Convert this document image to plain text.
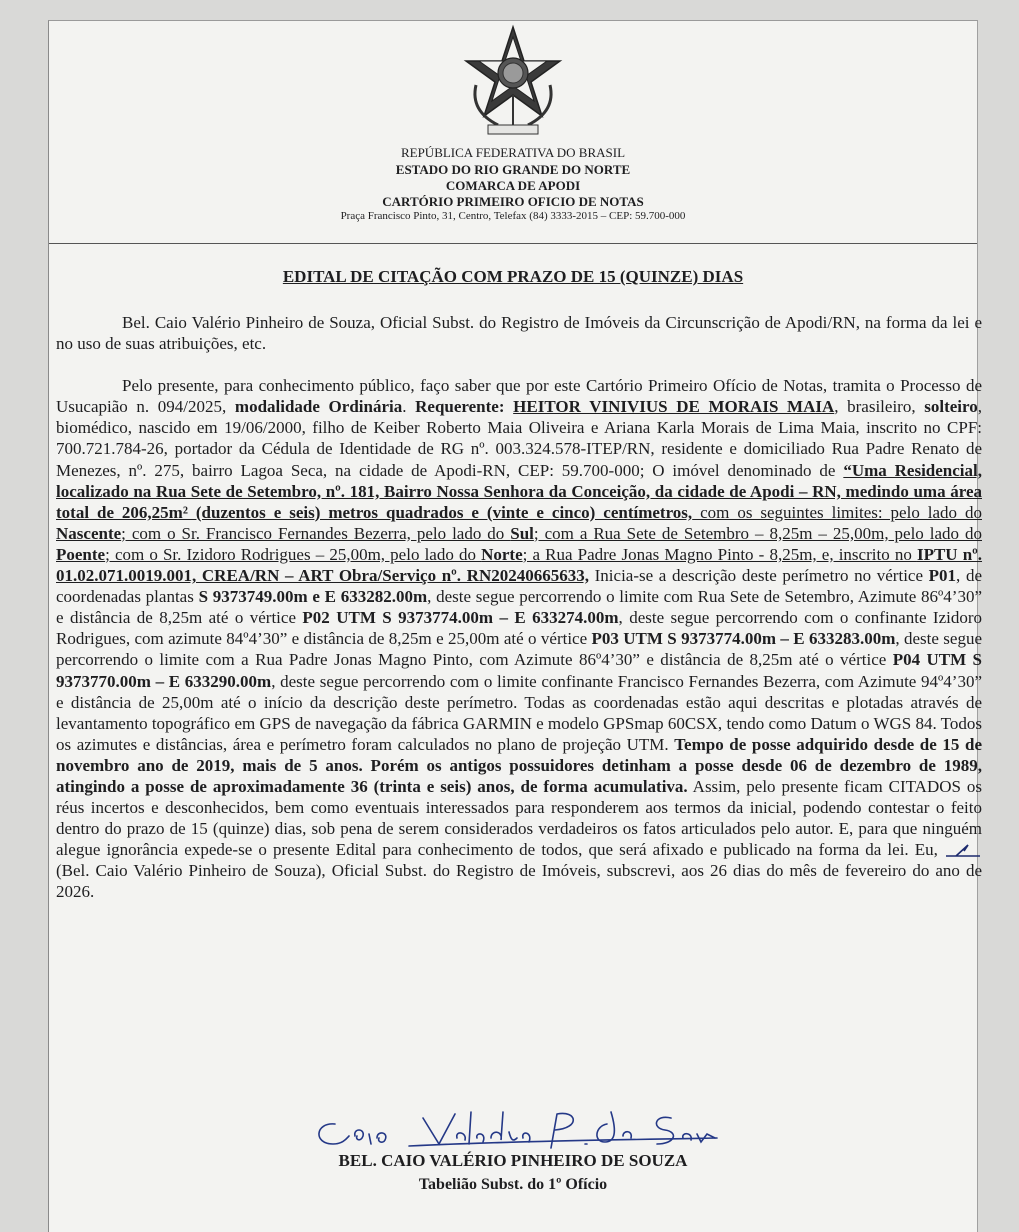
REPÚBLICA FEDERATIVA DO BRASIL
ESTADO DO RIO GRANDE DO NORTE
COMARCA DE APODI
CARTÓRIO PRIMEIRO OFICIO DE NOTAS
Praça Francisco Pinto, 31, Centro, Telefax (84) 3333-2015 – CEP: 59.700-000
EDITAL DE CITAÇÃO COM PRAZO DE 15 (QUINZE) DIAS

Bel. Caio Valério Pinheiro de Souza, Oficial Subst. do Registro de Imóveis da Circunscrição de Apodi/RN, na forma da lei e no uso de suas atribuições, etc.

Pelo presente, para conhecimento público, faço saber que por este Cartório Primeiro Ofício de Notas, tramita o Processo de Usucapião n. 094/2025, modalidade Ordinária. Requerente: HEITOR VINIVIUS DE MORAIS MAIA, brasileiro, solteiro, biomédico, nascido em 19/06/2000, filho de Keiber Roberto Maia Oliveira e Ariana Karla Morais de Lima Maia, inscrito no CPF: 700.721.784-26, portador da Cédula de Identidade de RG nº. 003.324.578-ITEP/RN, residente e domiciliado Rua Padre Renato de Menezes, nº. 275, bairro Lagoa Seca, na cidade de Apodi-RN, CEP: 59.700-000; O imóvel denominado de “Uma Residencial, localizado na Rua Sete de Setembro, nº. 181, Bairro Nossa Senhora da Conceição, da cidade de Apodi – RN, medindo uma área total de 206,25m² (duzentos e seis) metros quadrados e (vinte e cinco) centímetros, com os seguintes limites: pelo lado do Nascente; com o Sr. Francisco Fernandes Bezerra, pelo lado do Sul; com a Rua Sete de Setembro – 8,25m – 25,00m, pelo lado do Poente; com o Sr. Izidoro Rodrigues – 25,00m, pelo lado do Norte; a Rua Padre Jonas Magno Pinto - 8,25m, e, inscrito no IPTU nº. 01.02.071.0019.001, CREA/RN – ART Obra/Serviço nº. RN20240665633, Inicia-se a descrição deste perímetro no vértice P01, de coordenadas plantas S 9373749.00m e E 633282.00m, deste segue percorrendo o limite com Rua Sete de Setembro, Azimute 86º4’30” e distância de 8,25m até o vértice P02 UTM S 9373774.00m – E 633274.00m, deste segue percorrendo com o confinante Izidoro Rodrigues, com azimute 84º4’30” e distância de 8,25m e 25,00m até o vértice P03 UTM S 9373774.00m – E 633283.00m, deste segue percorrendo o limite com a Rua Padre Jonas Magno Pinto, com Azimute 86º4’30” e distância de 8,25m até o vértice P04 UTM S 9373770.00m – E 633290.00m, deste segue percorrendo com o limite confinante Francisco Fernandes Bezerra, com Azimute 94º4’30” e distância de 25,00m até o início da descrição deste perímetro. Todas as coordenadas estão aqui descritas e plotadas através de levantamento topográfico em GPS de navegação da fábrica GARMIN e modelo GPSmap 60CSX, tendo como Datum o WGS 84. Todos os azimutes e distâncias, área e perímetro foram calculados no plano de projeção UTM. Tempo de posse adquirido desde de 15 de novembro ano de 2019, mais de 5 anos. Porém os antigos possuidores detinham a posse desde 06 de dezembro de 1989, atingindo a posse de aproximadamente 36 (trinta e seis) anos, de forma acumulativa. Assim, pelo presente ficam CITADOS os réus incertos e desconhecidos, bem como eventuais interessados para responderem aos termos da inicial, podendo contestar o feito dentro do prazo de 15 (quinze) dias, sob pena de serem considerados verdadeiros os fatos articulados pelo autor. E, para que ninguém alegue ignorância expede-se o presente Edital para conhecimento de todos, que será afixado e publicado na forma da lei. Eu,  (Bel. Caio Valério Pinheiro de Souza), Oficial Subst. do Registro de Imóveis, subscrevi, aos 26 dias do mês de fevereiro do ano de 2026.

BEL. CAIO VALÉRIO PINHEIRO DE SOUZA
Tabelião Subst. do 1º Ofício
